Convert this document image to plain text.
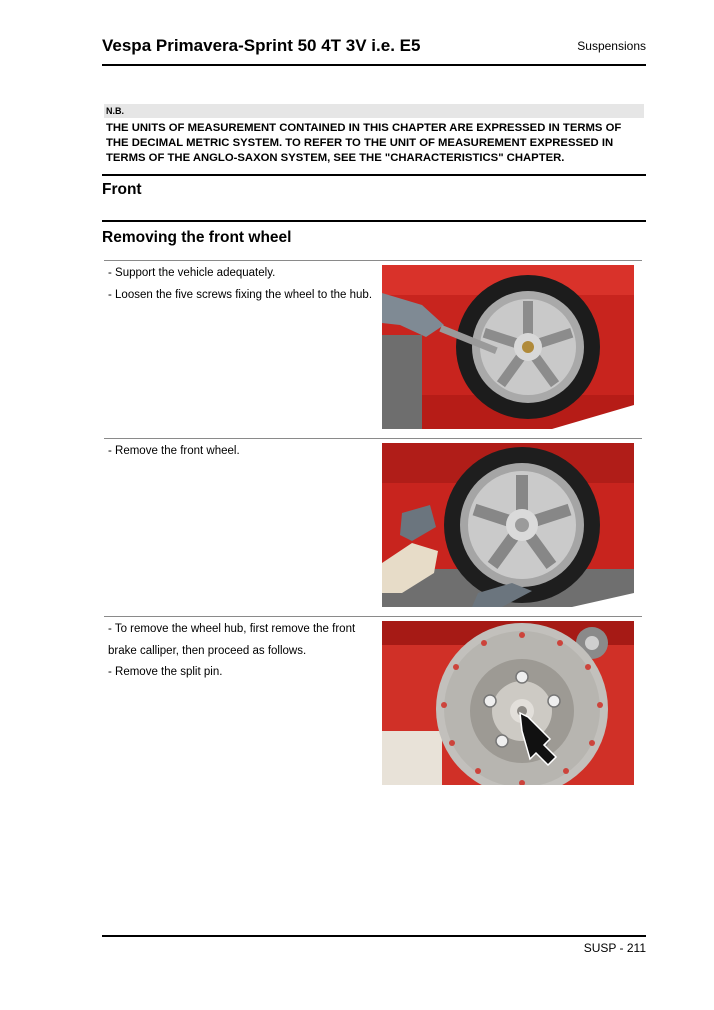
Vespa Primavera-Sprint 50 4T 3V i.e. E5	Suspensions
N.B.
THE UNITS OF MEASUREMENT CONTAINED IN THIS CHAPTER ARE EXPRESSED IN TERMS OF THE DECIMAL METRIC SYSTEM. TO REFER TO THE UNIT OF MEASUREMENT EXPRESSED IN TERMS OF THE ANGLO-SAXON SYSTEM, SEE THE "CHARACTERISTICS" CHAPTER.
Front
Removing the front wheel

- Support the vehicle adequately.

- Loosen the five screws fixing the wheel to the hub.

- Remove the front wheel.

- To remove the wheel hub, first remove the front brake calliper, then proceed as follows.

- Remove the split pin.

SUSP - 211
